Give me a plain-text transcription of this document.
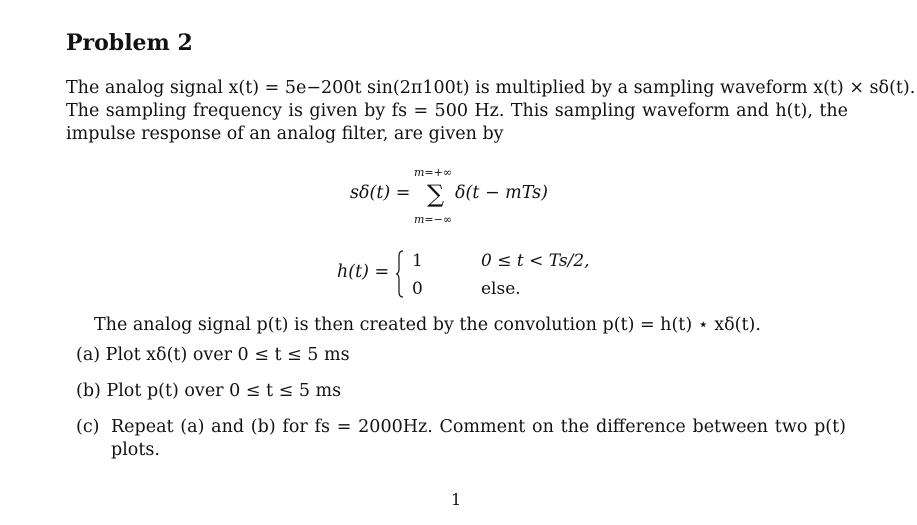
Problem 2
The analog signal x(t) = 5e−200t sin(2π100t) is multiplied by a sampling waveform x(t) × sδ(t).
The sampling frequency is given by fs = 500 Hz. This sampling waveform and h(t), the
impulse response of an analog filter, are given by
sδ(t) =
m=+∞
∑
m=−∞
δ(t − mTs)
h(t) =
1
0
0 ≤ t < Ts/2,
else.
The analog signal p(t) is then created by the convolution p(t) = h(t) ⋆ xδ(t).
(a) Plot xδ(t) over 0 ≤ t ≤ 5 ms
(b) Plot p(t) over 0 ≤ t ≤ 5 ms
(c) Repeat (a) and (b) for fs = 2000Hz. Comment on the difference between two p(t) plots.
1
